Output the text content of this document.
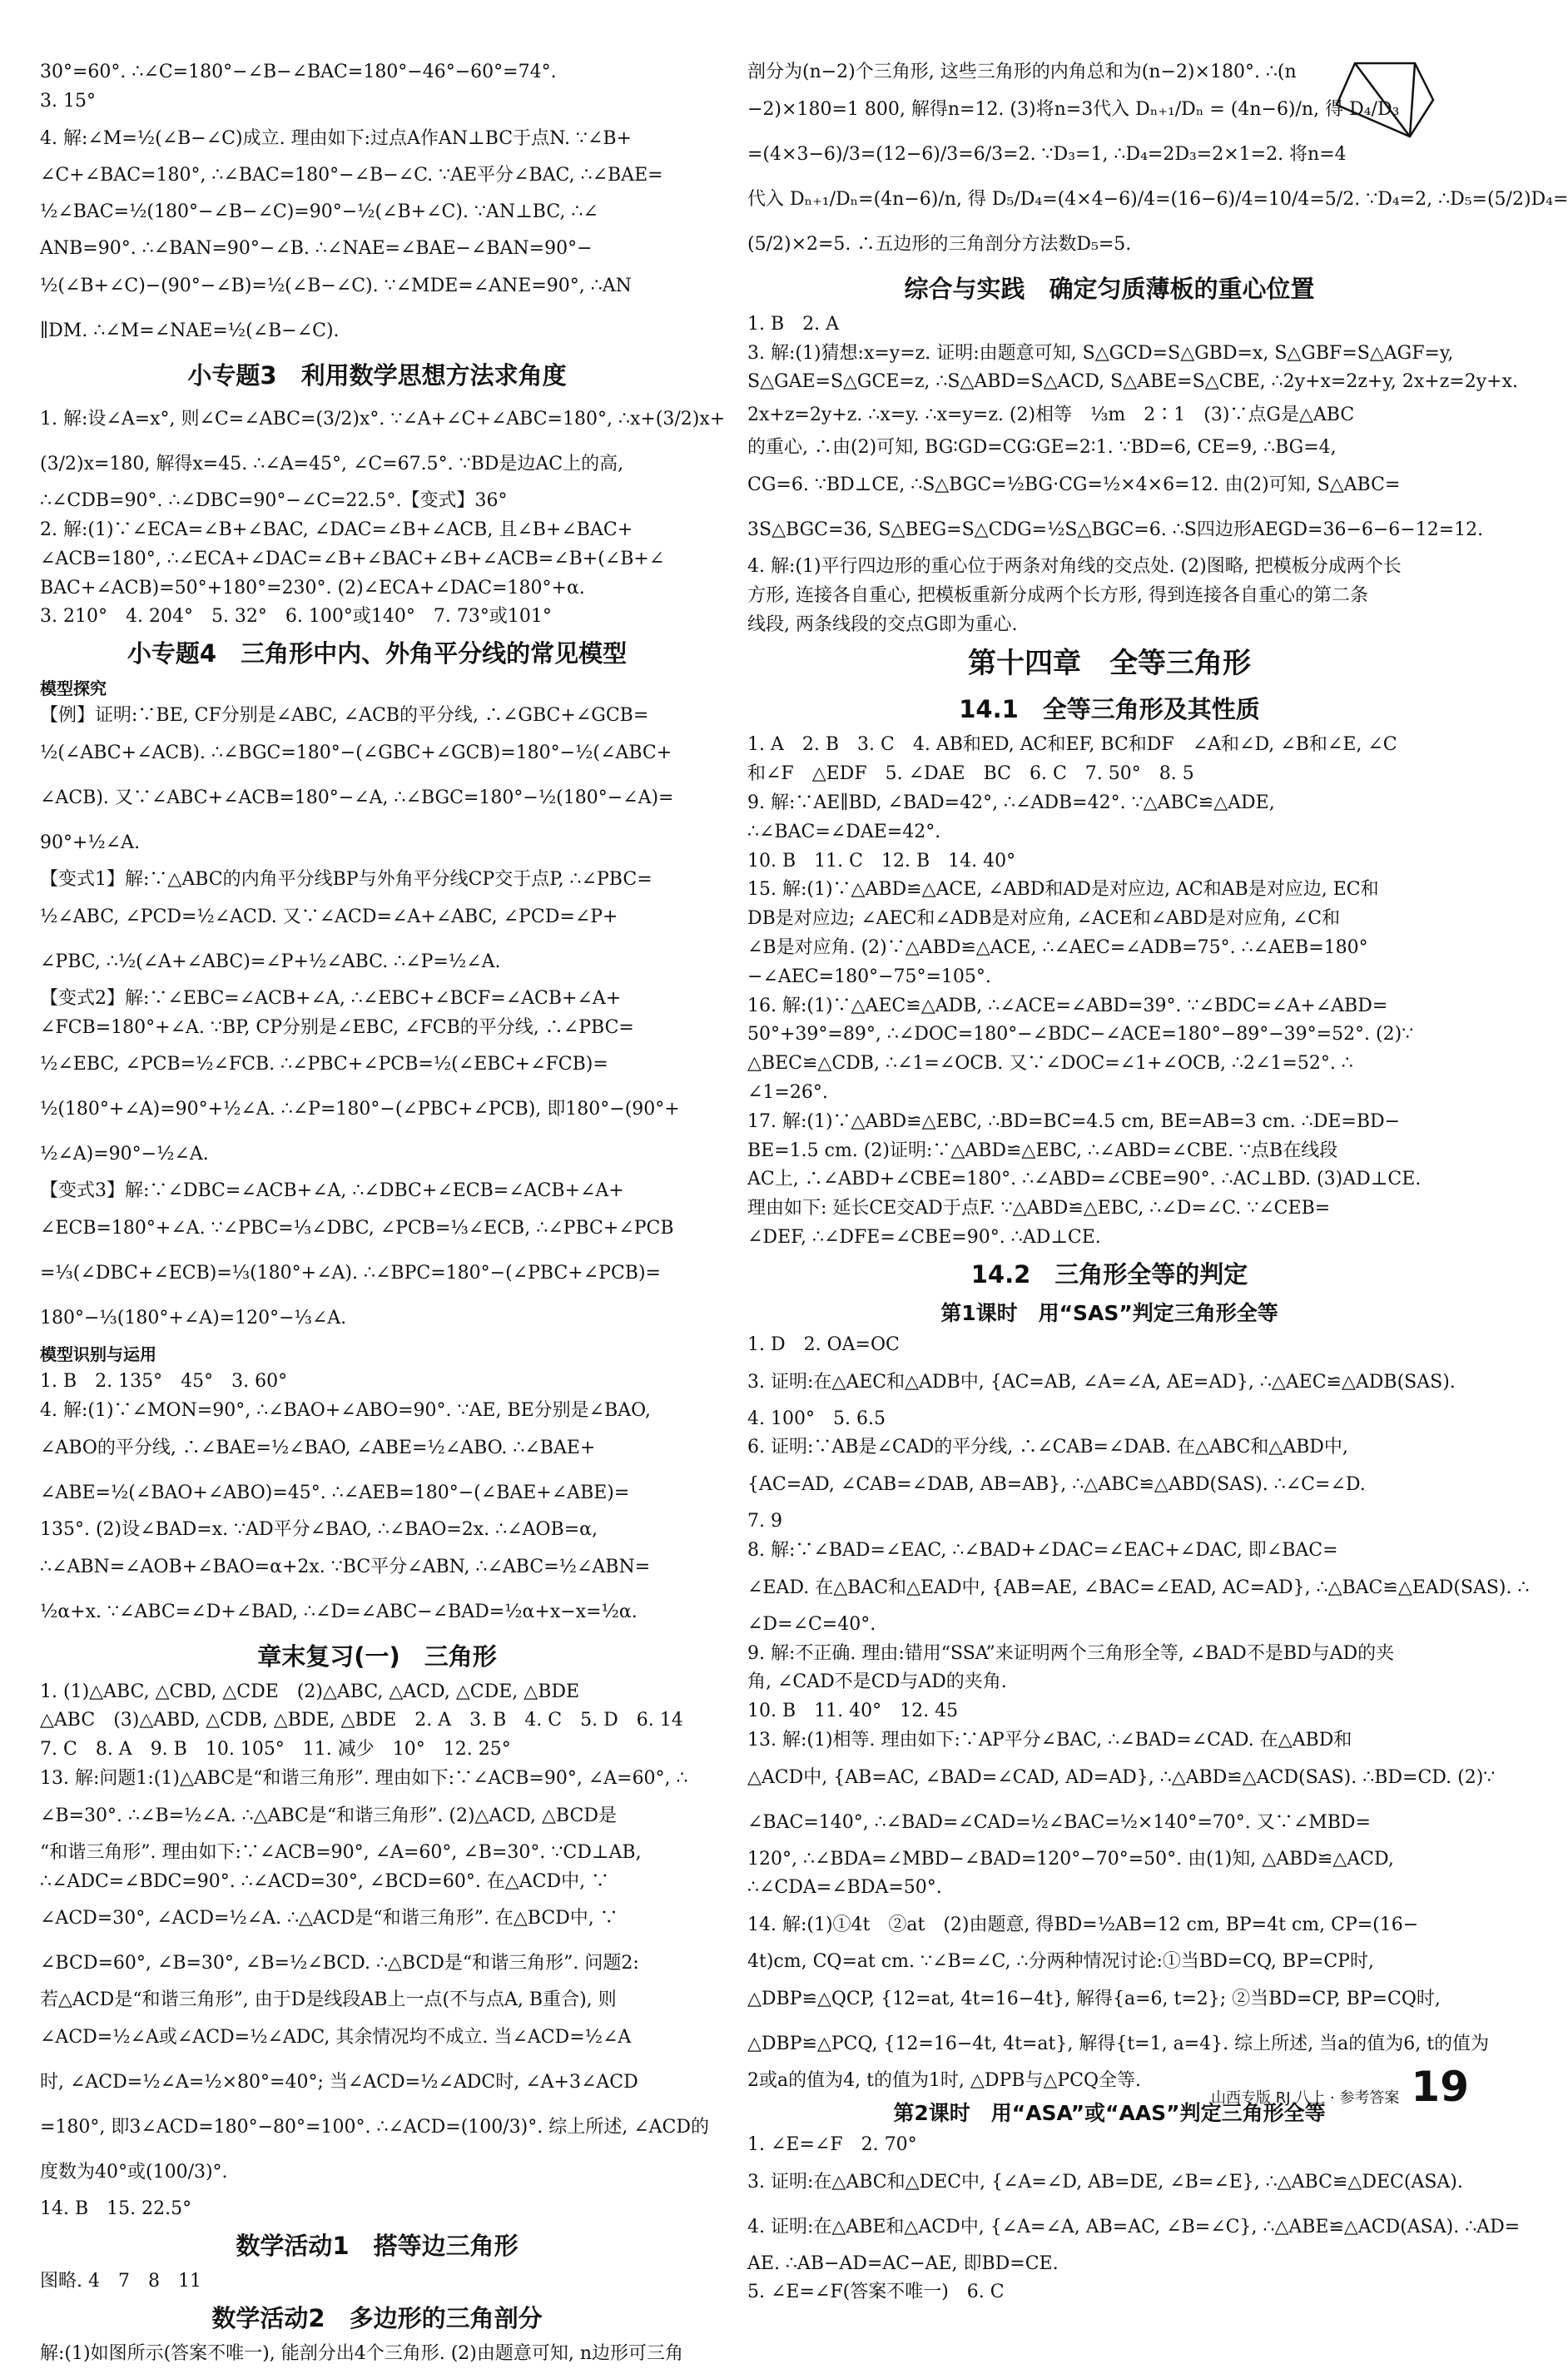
30°=60°. ∴∠C=180°−∠B−∠BAC=180°−46°−60°=74°.
3. 15°
4. 解:∠M=½(∠B−∠C)成立. 理由如下:过点A作AN⊥BC于点N. ∵∠B+
∠C+∠BAC=180°, ∴∠BAC=180°−∠B−∠C. ∵AE平分∠BAC, ∴∠BAE=
½∠BAC=½(180°−∠B−∠C)=90°−½(∠B+∠C). ∵AN⊥BC, ∴∠
ANB=90°. ∴∠BAN=90°−∠B. ∴∠NAE=∠BAE−∠BAN=90°−
½(∠B+∠C)−(90°−∠B)=½(∠B−∠C). ∵∠MDE=∠ANE=90°, ∴AN
∥DM. ∴∠M=∠NAE=½(∠B−∠C).
小专题3　利用数学思想方法求角度
1. 解:设∠A=x°, 则∠C=∠ABC=(3/2)x°. ∵∠A+∠C+∠ABC=180°, ∴x+(3/2)x+
(3/2)x=180, 解得x=45. ∴∠A=45°, ∠C=67.5°. ∵BD是边AC上的高,
∴∠CDB=90°. ∴∠DBC=90°−∠C=22.5°.【变式】36°
2. 解:(1)∵∠ECA=∠B+∠BAC, ∠DAC=∠B+∠ACB, 且∠B+∠BAC+
∠ACB=180°, ∴∠ECA+∠DAC=∠B+∠BAC+∠B+∠ACB=∠B+(∠B+∠
BAC+∠ACB)=50°+180°=230°. (2)∠ECA+∠DAC=180°+α.
3. 210°　4. 204°　5. 32°　6. 100°或140°　7. 73°或101°
小专题4　三角形中内、外角平分线的常见模型
模型探究
【例】证明:∵BE, CF分别是∠ABC, ∠ACB的平分线, ∴∠GBC+∠GCB=
½(∠ABC+∠ACB). ∴∠BGC=180°−(∠GBC+∠GCB)=180°−½(∠ABC+
∠ACB). 又∵∠ABC+∠ACB=180°−∠A, ∴∠BGC=180°−½(180°−∠A)=
90°+½∠A.
【变式1】解:∵△ABC的内角平分线BP与外角平分线CP交于点P, ∴∠PBC=
½∠ABC, ∠PCD=½∠ACD. 又∵∠ACD=∠A+∠ABC, ∠PCD=∠P+
∠PBC, ∴½(∠A+∠ABC)=∠P+½∠ABC. ∴∠P=½∠A.
【变式2】解:∵∠EBC=∠ACB+∠A, ∴∠EBC+∠BCF=∠ACB+∠A+
∠FCB=180°+∠A. ∵BP, CP分别是∠EBC, ∠FCB的平分线, ∴∠PBC=
½∠EBC, ∠PCB=½∠FCB. ∴∠PBC+∠PCB=½(∠EBC+∠FCB)=
½(180°+∠A)=90°+½∠A. ∴∠P=180°−(∠PBC+∠PCB), 即180°−(90°+
½∠A)=90°−½∠A.
【变式3】解:∵∠DBC=∠ACB+∠A, ∴∠DBC+∠ECB=∠ACB+∠A+
∠ECB=180°+∠A. ∵∠PBC=⅓∠DBC, ∠PCB=⅓∠ECB, ∴∠PBC+∠PCB
=⅓(∠DBC+∠ECB)=⅓(180°+∠A). ∴∠BPC=180°−(∠PBC+∠PCB)=
180°−⅓(180°+∠A)=120°−⅓∠A.
模型识别与运用
1. B　2. 135°　45°　3. 60°
4. 解:(1)∵∠MON=90°, ∴∠BAO+∠ABO=90°. ∵AE, BE分别是∠BAO,
∠ABO的平分线, ∴∠BAE=½∠BAO, ∠ABE=½∠ABO. ∴∠BAE+
∠ABE=½(∠BAO+∠ABO)=45°. ∴∠AEB=180°−(∠BAE+∠ABE)=
135°. (2)设∠BAD=x. ∵AD平分∠BAO, ∴∠BAO=2x. ∴∠AOB=α,
∴∠ABN=∠AOB+∠BAO=α+2x. ∵BC平分∠ABN, ∴∠ABC=½∠ABN=
½α+x. ∵∠ABC=∠D+∠BAD, ∴∠D=∠ABC−∠BAD=½α+x−x=½α.
章末复习(一)　三角形
1. (1)△ABC, △CBD, △CDE　(2)△ABC, △ACD, △CDE, △BDE
△ABC　(3)△ABD, △CDB, △BDE, △BDE　2. A　3. B　4. C　5. D　6. 14
7. C　8. A　9. B　10. 105°　11. 减少　10°　12. 25°
13. 解:问题1:(1)△ABC是“和谐三角形”. 理由如下:∵∠ACB=90°, ∠A=60°, ∴
∠B=30°. ∴∠B=½∠A. ∴△ABC是“和谐三角形”. (2)△ACD, △BCD是
“和谐三角形”. 理由如下:∵∠ACB=90°, ∠A=60°, ∠B=30°. ∵CD⊥AB,
∴∠ADC=∠BDC=90°. ∴∠ACD=30°, ∠BCD=60°. 在△ACD中, ∵
∠ACD=30°, ∠ACD=½∠A. ∴△ACD是“和谐三角形”. 在△BCD中, ∵
∠BCD=60°, ∠B=30°, ∠B=½∠BCD. ∴△BCD是“和谐三角形”. 问题2:
若△ACD是“和谐三角形”, 由于D是线段AB上一点(不与点A, B重合), 则
∠ACD=½∠A或∠ACD=½∠ADC, 其余情况均不成立. 当∠ACD=½∠A
时, ∠ACD=½∠A=½×80°=40°; 当∠ACD=½∠ADC时, ∠A+3∠ACD
=180°, 即3∠ACD=180°−80°=100°. ∴∠ACD=(100/3)°. 综上所述, ∠ACD的
度数为40°或(100/3)°.
14. B　15. 22.5°
数学活动1　搭等边三角形
图略. 4　7　8　11
数学活动2　多边形的三角剖分
解:(1)如图所示(答案不唯一), 能剖分出4个三角形. (2)由题意可知, n边形可三角
剖分为(n−2)个三角形, 这些三角形的内角总和为(n−2)×180°. ∴(n
−2)×180=1 800, 解得n=12. (3)将n=3代入 Dₙ₊₁/Dₙ = (4n−6)/n, 得 D₄/D₃
=(4×3−6)/3=(12−6)/3=6/3=2. ∵D₃=1, ∴D₄=2D₃=2×1=2. 将n=4
代入 Dₙ₊₁/Dₙ=(4n−6)/n, 得 D₅/D₄=(4×4−6)/4=(16−6)/4=10/4=5/2. ∵D₄=2, ∴D₅=(5/2)D₄=
(5/2)×2=5. ∴五边形的三角剖分方法数D₅=5.
综合与实践　确定匀质薄板的重心位置
1. B　2. A
3. 解:(1)猜想:x=y=z. 证明:由题意可知, S△GCD=S△GBD=x, S△GBF=S△AGF=y,
S△GAE=S△GCE=z, ∴S△ABD=S△ACD, S△ABE=S△CBE, ∴2y+x=2z+y, 2x+z=2y+x.
2x+z=2y+z. ∴x=y. ∴x=y=z. (2)相等　⅓m　2∶1　(3)∵点G是△ABC
的重心, ∴由(2)可知, BG∶GD=CG∶GE=2∶1. ∵BD=6, CE=9, ∴BG=4,
CG=6. ∵BD⊥CE, ∴S△BGC=½BG·CG=½×4×6=12. 由(2)可知, S△ABC=
3S△BGC=36, S△BEG=S△CDG=½S△BGC=6. ∴S四边形AEGD=36−6−6−12=12.
4. 解:(1)平行四边形的重心位于两条对角线的交点处. (2)图略, 把模板分成两个长
方形, 连接各自重心, 把模板重新分成两个长方形, 得到连接各自重心的第二条
线段, 两条线段的交点G即为重心.
第十四章　全等三角形
14.1　全等三角形及其性质
1. A　2. B　3. C　4. AB和ED, AC和EF, BC和DF　∠A和∠D, ∠B和∠E, ∠C
和∠F　△EDF　5. ∠DAE　BC　6. C　7. 50°　8. 5
9. 解:∵AE∥BD, ∠BAD=42°, ∴∠ADB=42°. ∵△ABC≌△ADE,
∴∠BAC=∠DAE=42°.
10. B　11. C　12. B　14. 40°
15. 解:(1)∵△ABD≌△ACE, ∠ABD和AD是对应边, AC和AB是对应边, EC和
DB是对应边; ∠AEC和∠ADB是对应角, ∠ACE和∠ABD是对应角, ∠C和
∠B是对应角. (2)∵△ABD≌△ACE, ∴∠AEC=∠ADB=75°. ∴∠AEB=180°
−∠AEC=180°−75°=105°.
16. 解:(1)∵△AEC≌△ADB, ∴∠ACE=∠ABD=39°. ∵∠BDC=∠A+∠ABD=
50°+39°=89°, ∴∠DOC=180°−∠BDC−∠ACE=180°−89°−39°=52°. (2)∵
△BEC≌△CDB, ∴∠1=∠OCB. 又∵∠DOC=∠1+∠OCB, ∴2∠1=52°. ∴
∠1=26°.
17. 解:(1)∵△ABD≌△EBC, ∴BD=BC=4.5 cm, BE=AB=3 cm. ∴DE=BD−
BE=1.5 cm. (2)证明:∵△ABD≌△EBC, ∴∠ABD=∠CBE. ∵点B在线段
AC上, ∴∠ABD+∠CBE=180°. ∴∠ABD=∠CBE=90°. ∴AC⊥BD. (3)AD⊥CE.
理由如下: 延长CE交AD于点F. ∵△ABD≌△EBC, ∴∠D=∠C. ∵∠CEB=
∠DEF, ∴∠DFE=∠CBE=90°. ∴AD⊥CE.
14.2　三角形全等的判定
第1课时　用“SAS”判定三角形全等
1. D　2. OA=OC
3. 证明:在△AEC和△ADB中, {AC=AB, ∠A=∠A, AE=AD}, ∴△AEC≌△ADB(SAS).
4. 100°　5. 6.5
6. 证明:∵AB是∠CAD的平分线, ∴∠CAB=∠DAB. 在△ABC和△ABD中,
{AC=AD, ∠CAB=∠DAB, AB=AB}, ∴△ABC≌△ABD(SAS). ∴∠C=∠D.
7. 9
8. 解:∵∠BAD=∠EAC, ∴∠BAD+∠DAC=∠EAC+∠DAC, 即∠BAC=
∠EAD. 在△BAC和△EAD中, {AB=AE, ∠BAC=∠EAD, AC=AD}, ∴△BAC≌△EAD(SAS). ∴
∠D=∠C=40°.
9. 解:不正确. 理由:错用“SSA”来证明两个三角形全等, ∠BAD不是BD与AD的夹
角, ∠CAD不是CD与AD的夹角.
10. B　11. 40°　12. 45
13. 解:(1)相等. 理由如下:∵AP平分∠BAC, ∴∠BAD=∠CAD. 在△ABD和
△ACD中, {AB=AC, ∠BAD=∠CAD, AD=AD}, ∴△ABD≌△ACD(SAS). ∴BD=CD. (2)∵
∠BAC=140°, ∴∠BAD=∠CAD=½∠BAC=½×140°=70°. 又∵∠MBD=
120°, ∴∠BDA=∠MBD−∠BAD=120°−70°=50°. 由(1)知, △ABD≌△ACD,
∴∠CDA=∠BDA=50°.
14. 解:(1)①4t　②at　(2)由题意, 得BD=½AB=12 cm, BP=4t cm, CP=(16−
4t)cm, CQ=at cm. ∵∠B=∠C, ∴分两种情况讨论:①当BD=CQ, BP=CP时,
△DBP≌△QCP, {12=at, 4t=16−4t}, 解得{a=6, t=2}; ②当BD=CP, BP=CQ时,
△DBP≌△PCQ, {12=16−4t, 4t=at}, 解得{t=1, a=4}. 综上所述, 当a的值为6, t的值为
2或a的值为4, t的值为1时, △DPB与△PCQ全等.
第2课时　用“ASA”或“AAS”判定三角形全等
1. ∠E=∠F　2. 70°
3. 证明:在△ABC和△DEC中, {∠A=∠D, AB=DE, ∠B=∠E}, ∴△ABC≌△DEC(ASA).
4. 证明:在△ABE和△ACD中, {∠A=∠A, AB=AC, ∠B=∠C}, ∴△ABE≌△ACD(ASA). ∴AD=
AE. ∴AB−AD=AC−AE, 即BD=CE.
5. ∠E=∠F(答案不唯一)　6. C
山西专版 RJ 八上 · 参考答案 19
